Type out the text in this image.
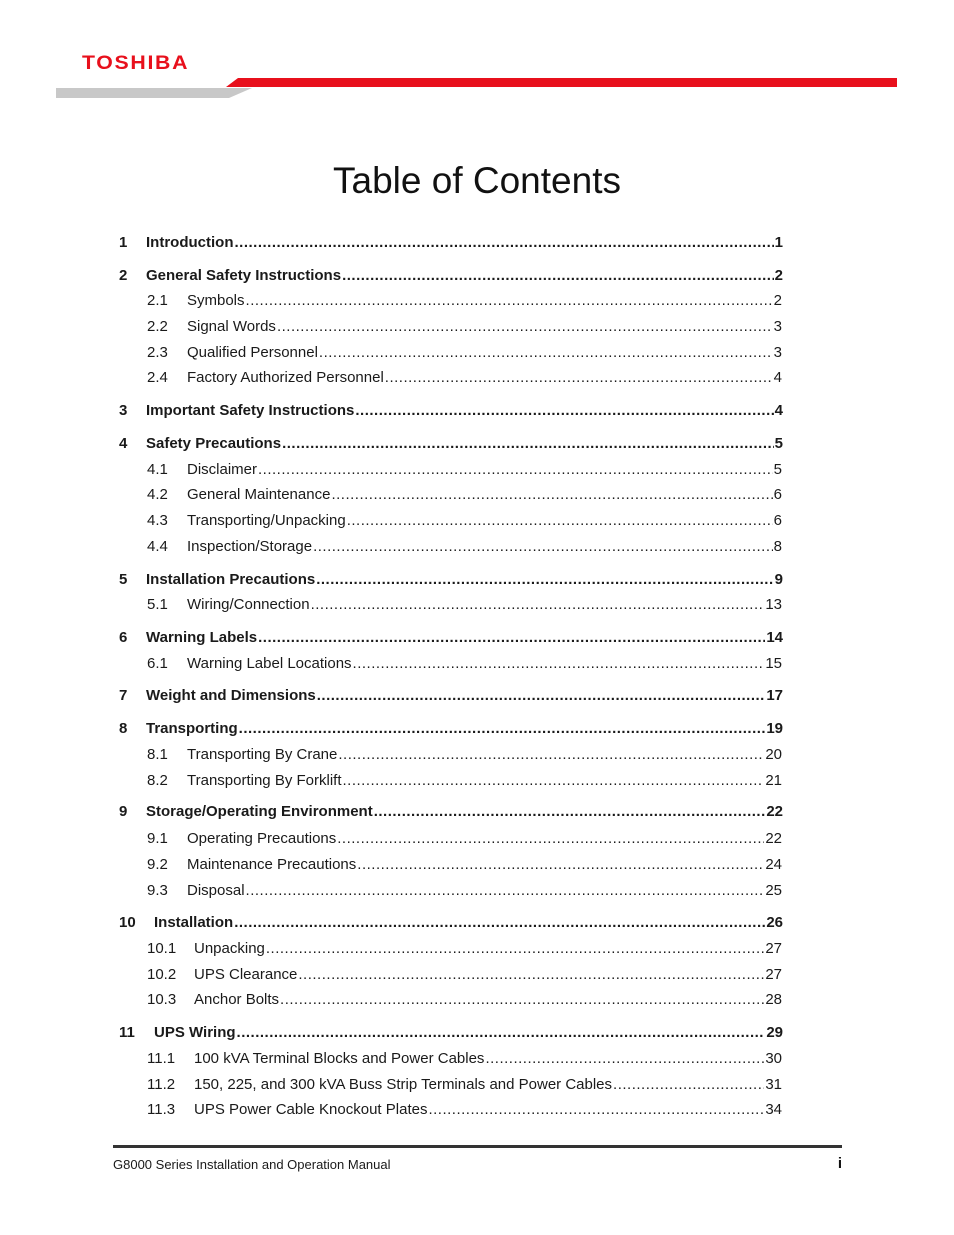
TOSHIBA
Table of Contents
1	Introduction .....	1
2	General Safety Instructions .....	2
2.1	Symbols .....	2
2.2	Signal Words .....	3
2.3	Qualified Personnel .....	3
2.4	Factory Authorized Personnel .....	4
3	Important Safety Instructions .....	4
4	Safety Precautions .....	5
4.1	Disclaimer .....	5
4.2	General Maintenance .....	6
4.3	Transporting/Unpacking .....	6
4.4	Inspection/Storage .....	8
5	Installation Precautions .....	9
5.1	Wiring/Connection .....	13
6	Warning Labels .....	14
6.1	Warning Label Locations .....	15
7	Weight and Dimensions .....	17
8	Transporting .....	19
8.1	Transporting By Crane .....	20
8.2	Transporting By Forklift .....	21
9	Storage/Operating Environment .....	22
9.1	Operating Precautions .....	22
9.2	Maintenance Precautions .....	24
9.3	Disposal .....	25
10	Installation .....	26
10.1	Unpacking .....	27
10.2	UPS Clearance .....	27
10.3	Anchor Bolts .....	28
11	UPS Wiring .....	29
11.1	100 kVA Terminal Blocks and Power Cables .....	30
11.2	150, 225, and 300 kVA Buss Strip Terminals and Power Cables .....	31
11.3	UPS Power Cable Knockout Plates .....	34
G8000 Series Installation and Operation Manual	i
